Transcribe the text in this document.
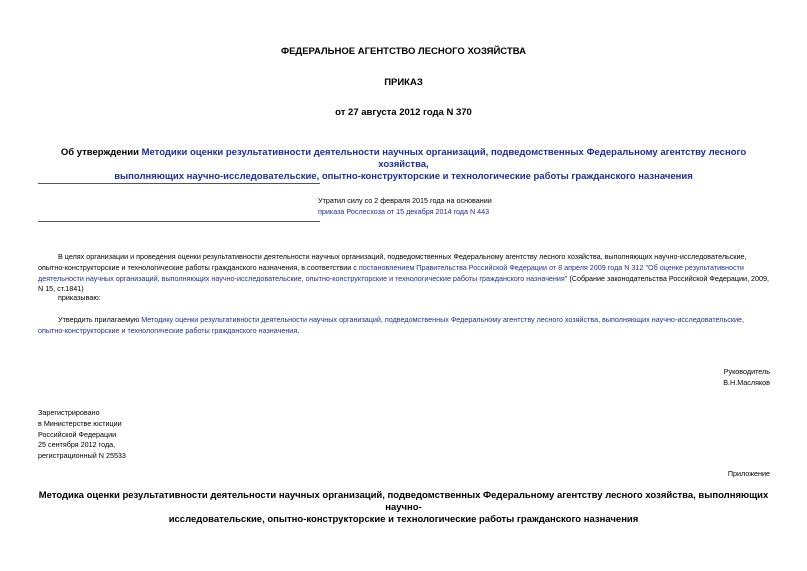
ФЕДЕРАЛЬНОЕ АГЕНТСТВО ЛЕСНОГО ХОЗЯЙСТВА
ПРИКАЗ
от 27 августа 2012 года N 370
Об утверждении Методики оценки результативности деятельности научных организаций, подведомственных Федеральному агентству лесного хозяйства,
выполняющих научно-исследовательские, опытно-конструкторские и технологические работы гражданского назначения
Утратил силу со 2 февраля 2015 года на основании
приказа Рослесхоза от 15 декабря 2014 года N 443
В целях организации и проведения оценки результативности деятельности научных организаций, подведомственных Федеральному агентству лесного хозяйства, выполняющих научно-исследовательские, опытно-конструкторские и технологические работы гражданского назначения, в соответствии с постановлением Правительства Российской Федерации от 8 апреля 2009 года N 312 "Об оценке результативности деятельности научных организаций, выполняющих научно-исследовательские, опытно-конструкторские и технологические работы гражданского назначения" (Собрание законодательства Российской Федерации, 2009, N 15, ст.1841)
приказываю:
Утвердить прилагаемую Методику оценки результативности деятельности научных организаций, подведомственных Федеральному агентству лесного хозяйства, выполняющих научно-исследовательские, опытно-конструкторские и технологические работы гражданского назначения.
Руководитель
В.Н.Масляков
Зарегистрировано
в Министерстве юстиции
Российской Федерации
25 сентября 2012 года,
регистрационный N 25533
Приложение
Методика оценки результативности деятельности научных организаций, подведомственных Федеральному агентству лесного хозяйства, выполняющих научно-
исследовательские, опытно-конструкторские и технологические работы гражданского назначения
